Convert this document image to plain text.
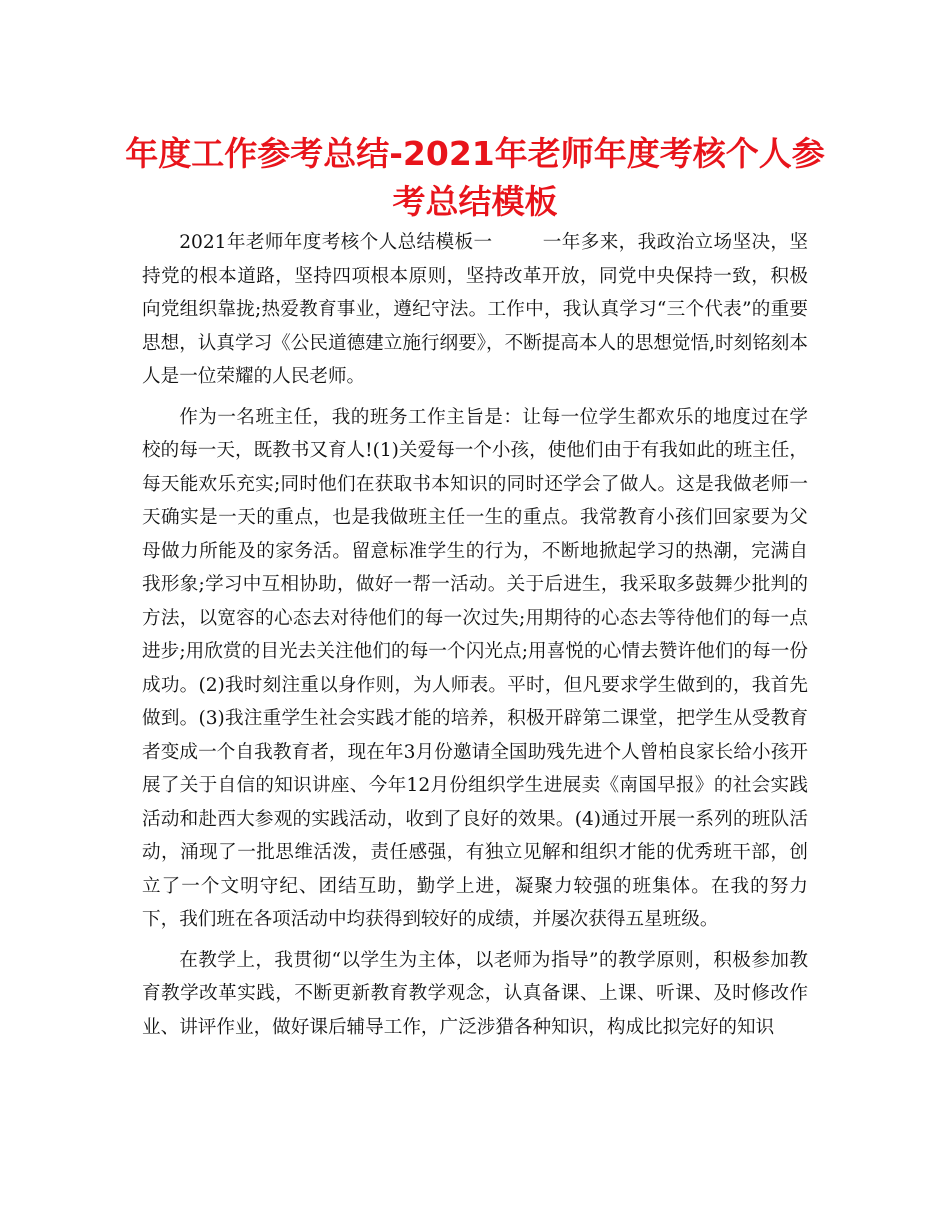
年度工作参考总结-2021年老师年度考核个人参考总结模板

2021年老师年度考核个人总结模板一	一年多来，我政治立场坚决，坚持党的根本道路，坚持四项根本原则，坚持改革开放，同党中央保持一致，积极向党组织靠拢;热爱教育事业，遵纪守法。工作中，我认真学习“三个代表”的重要思想，认真学习《公民道德建立施行纲要》，不断提高本人的思想觉悟,时刻铭刻本人是一位荣耀的人民老师。

作为一名班主任，我的班务工作主旨是：让每一位学生都欢乐的地度过在学校的每一天，既教书又育人!(1)关爱每一个小孩，使他们由于有我如此的班主任，每天能欢乐充实;同时他们在获取书本知识的同时还学会了做人。这是我做老师一天确实是一天的重点，也是我做班主任一生的重点。我常教育小孩们回家要为父母做力所能及的家务活。留意标准学生的行为，不断地掀起学习的热潮，完满自我形象;学习中互相协助，做好一帮一活动。关于后进生，我采取多鼓舞少批判的方法，以宽容的心态去对待他们的每一次过失;用期待的心态去等待他们的每一点进步;用欣赏的目光去关注他们的每一个闪光点;用喜悦的心情去赞许他们的每一份成功。(2)我时刻注重以身作则，为人师表。平时，但凡要求学生做到的，我首先做到。(3)我注重学生社会实践才能的培养，积极开辟第二课堂，把学生从受教育者变成一个自我教育者，现在年3月份邀请全国助残先进个人曾柏良家长给小孩开展了关于自信的知识讲座、今年12月份组织学生进展卖《南国早报》的社会实践活动和赴西大参观的实践活动，收到了良好的效果。(4)通过开展一系列的班队活动，涌现了一批思维活泼，责任感强，有独立见解和组织才能的优秀班干部，创立了一个文明守纪、团结互助，勤学上进，凝聚力较强的班集体。在我的努力下，我们班在各项活动中均获得到较好的成绩，并屡次获得五星班级。

在教学上，我贯彻“以学生为主体，以老师为指导”的教学原则，积极参加教育教学改革实践，不断更新教育教学观念，认真备课、上课、听课、及时修改作业、讲评作业，做好课后辅导工作，广泛涉猎各种知识，构成比拟完好的知识
